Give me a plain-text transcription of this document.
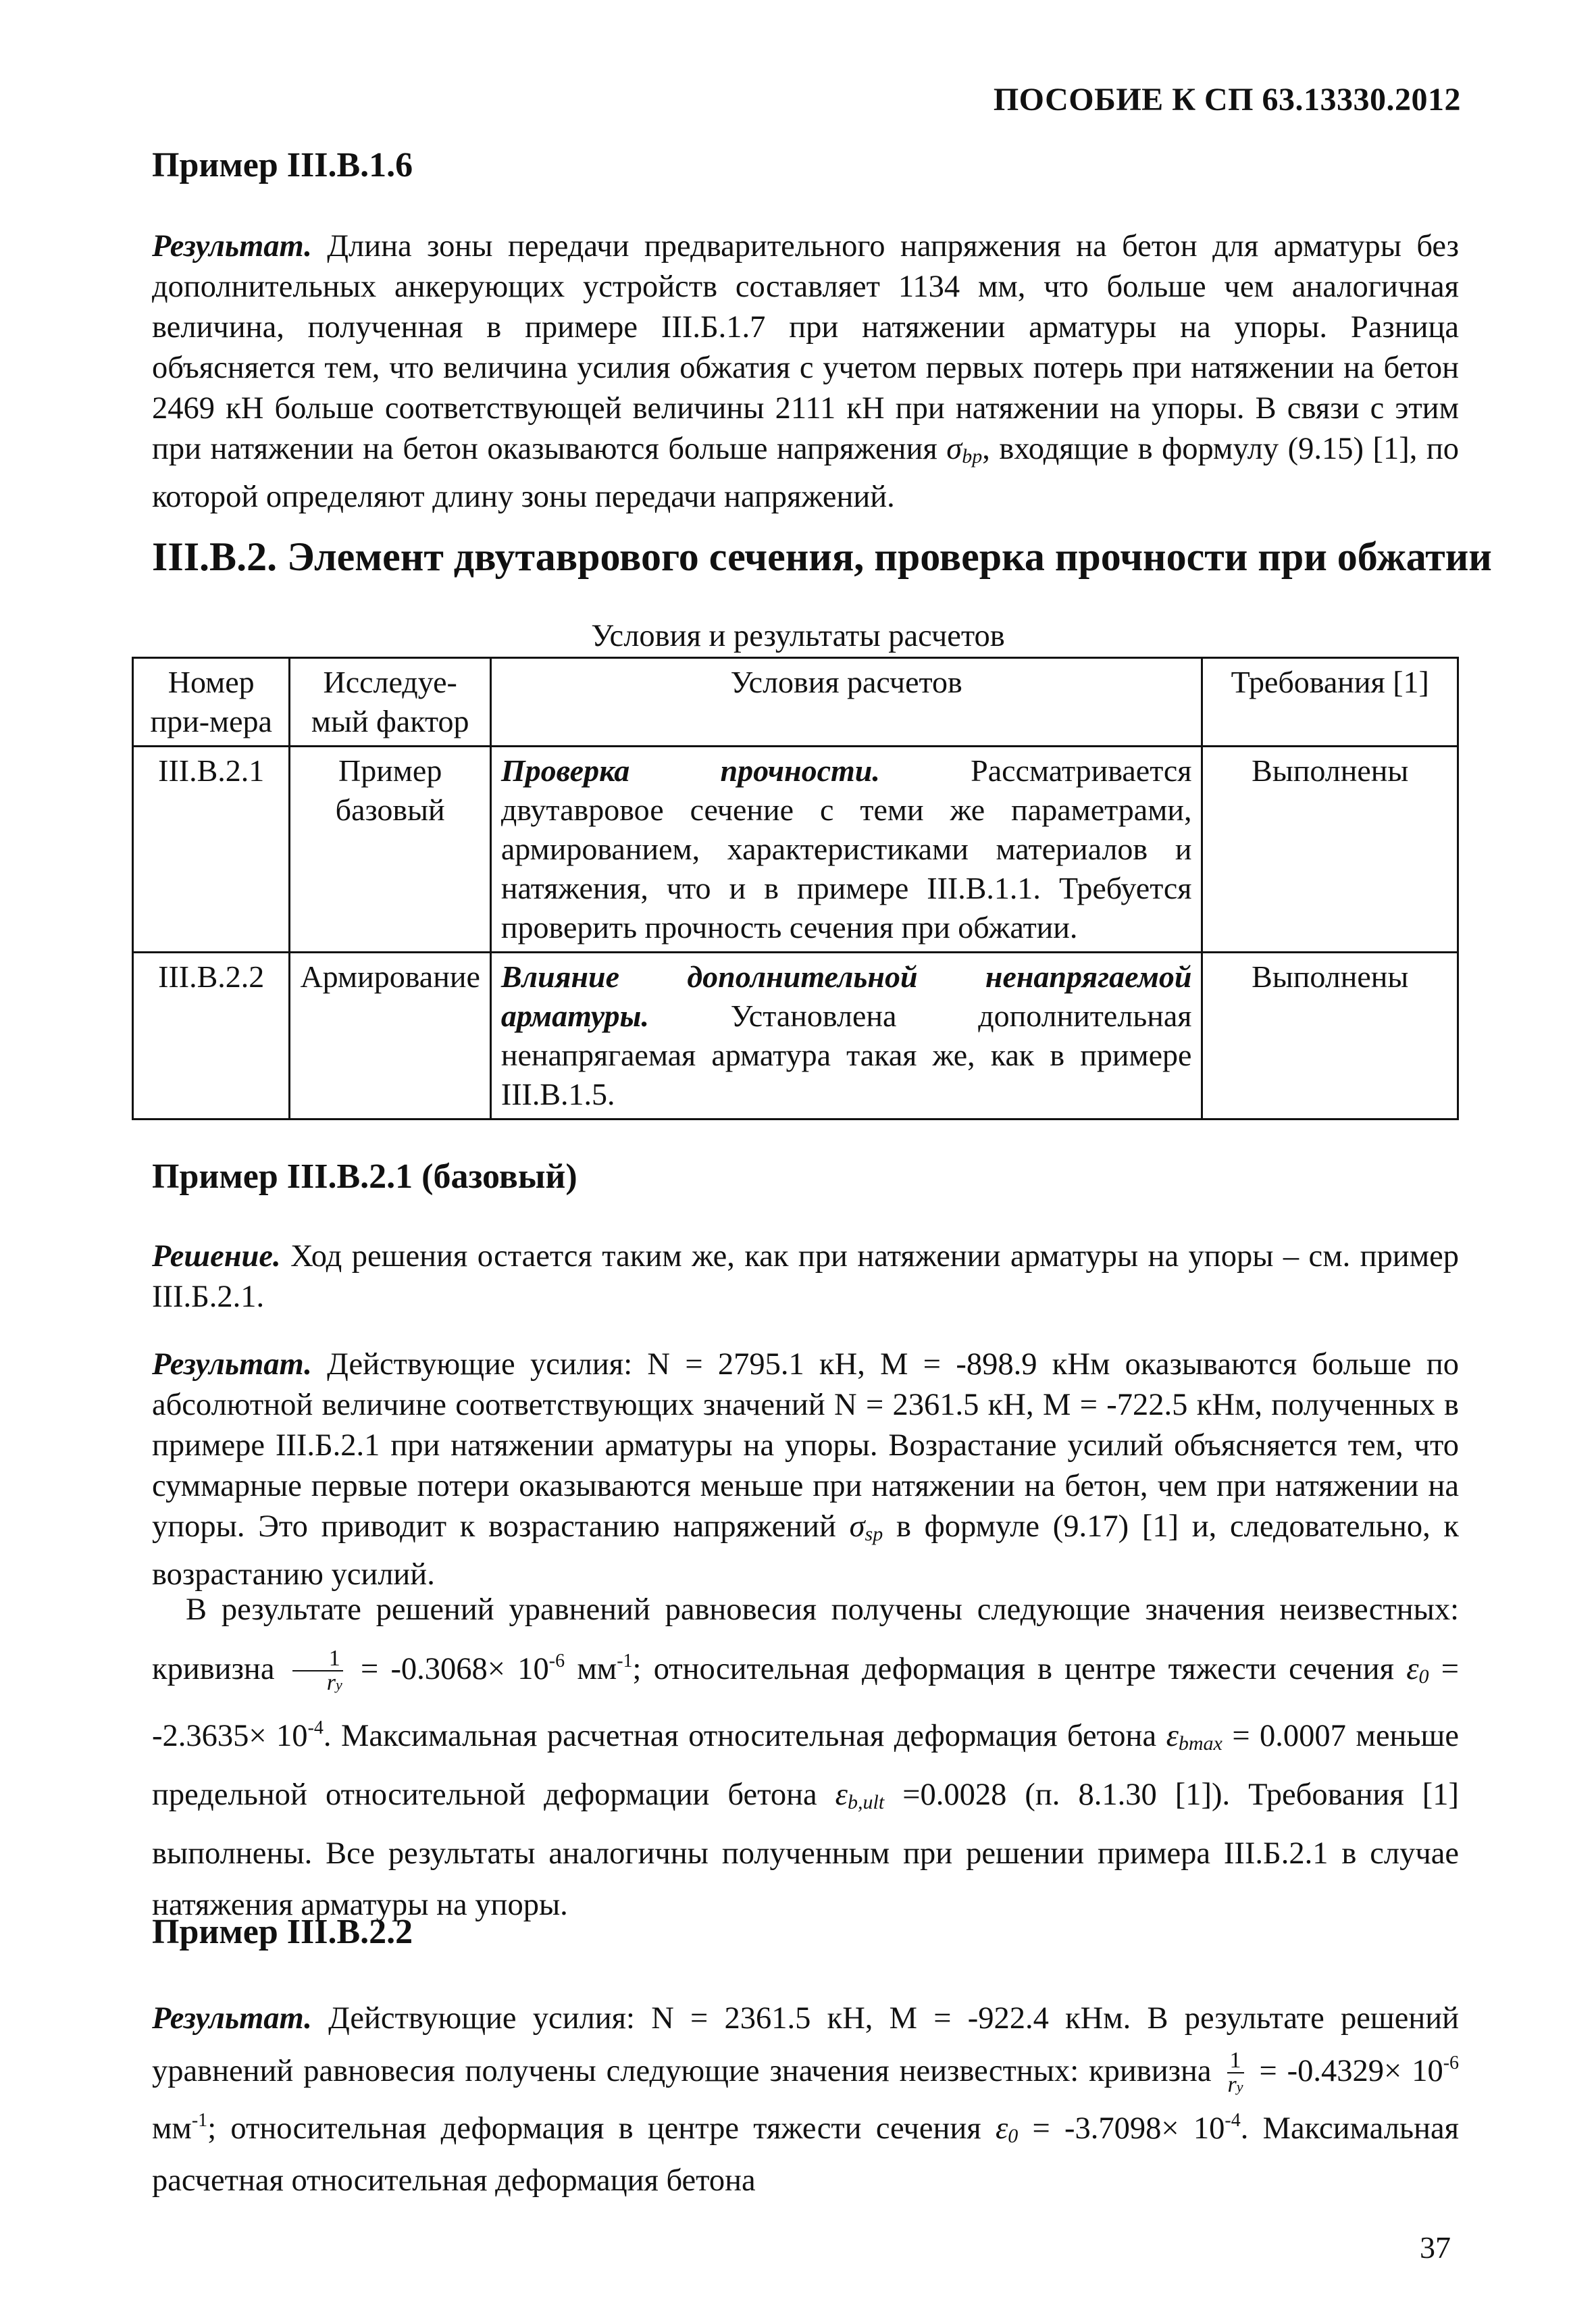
ПОСОБИЕ К СП 63.13330.2012
Пример III.В.1.6
Результат. Длина зоны передачи предварительного напряжения на бетон для арматуры без дополнительных анкерующих устройств составляет 1134 мм, что больше чем аналогичная величина, полученная в примере III.Б.1.7 при натяжении арматуры на упоры. Разница объясняется тем, что величина усилия обжатия с учетом первых потерь при натяжении на бетон 2469 кН больше соответствующей величины 2111 кН при натяжении на упоры. В связи с этим при натяжении на бетон оказываются больше напряжения σbp, входящие в формулу (9.15) [1], по которой определяют длину зоны передачи напряжений.
III.В.2. Элемент двутаврового сечения, проверка прочности при обжатии
Условия и результаты расчетов
Номер при-мера	Исследуе-мый фактор	Условия расчетов	Требования [1]
III.В.2.1	Пример базовый	Проверка прочности. Рассматривается двутавровое сечение с теми же параметрами, армированием, характеристиками материалов и натяжения, что и в примере III.В.1.1. Требуется проверить прочность сечения при обжатии.	Выполнены
III.В.2.2	Армирование	Влияние дополнительной ненапрягаемой арматуры. Установлена дополнительная ненапрягаемая арматура такая же, как в примере III.В.1.5.	Выполнены
Пример III.В.2.1 (базовый)
Решение. Ход решения остается таким же, как при натяжении арматуры на упоры – см. пример III.Б.2.1.
Результат. Действующие усилия: N = 2795.1 кН, M = -898.9 кНм оказываются больше по абсолютной величине соответствующих значений N = 2361.5 кН, M = -722.5 кНм, полученных в примере III.Б.2.1 при натяжении арматуры на упоры. Возрастание усилий объясняется тем, что суммарные первые потери оказываются меньше при натяжении на бетон, чем при натяжении на упоры. Это приводит к возрастанию напряжений σsp в формуле (9.17) [1] и, следовательно, к возрастанию усилий.
В результате решений уравнений равновесия получены следующие значения неизвестных: кривизна $\frac{1}{ry} = -0.3068\times 10^{-6}$ $мм^{-1}$; относительная деформация в центре тяжести сечения $\varepsilon 0 = -2.3635\times 10^{-4}$. Максимальная расчетная относительная деформация бетона εbmax = 0.0007 меньше предельной относительной деформации бетона εb,ult =0.0028 (п. 8.1.30 [1]). Требования [1] выполнены. Все результаты аналогичны полученным при решении примера III.Б.2.1 в случае натяжения арматуры на упоры.
Пример III.В.2.2
Результат. Действующие усилия: N = 2361.5 кН, M = -922.4 кНм. В результате решений уравнений равновесия получены следующие значения неизвестных: кривизна $\frac{1}{ry} = -0.4329\times 10^{-6}$ $мм^{-1}$; относительная деформация в центре тяжести сечения $\varepsilon 0 = -3.7098\times 10^{-4}$. Максимальная расчетная относительная деформация бетона
37
